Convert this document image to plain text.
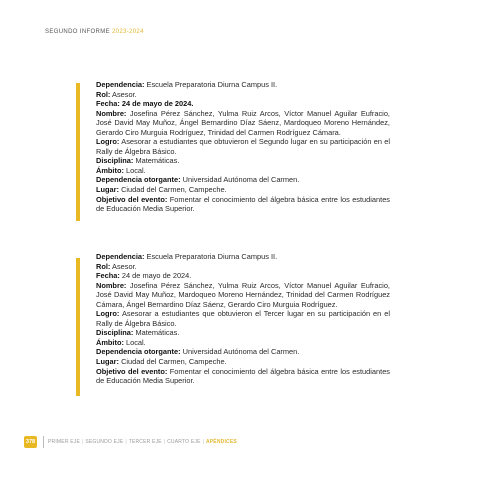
SEGUNDO INFORME 2023-2024

Dependencia: Escuela Preparatoria Diurna Campus II.

Rol: Asesor.

Fecha: 24 de mayo de 2024.

Nombre: Josefina Pérez Sánchez, Yulma Ruiz Arcos, Víctor Manuel Aguilar Eufracio, José David May Muñoz, Ángel Bernardino Díaz Sáenz, Mardoqueo Moreno Hernández, Gerardo Ciro Murguia Rodríguez, Trinidad del Carmen Rodríguez Cámara.

Logro: Asesorar a estudiantes que obtuvieron el Segundo lugar en su participación en el Rally de Álgebra Básico.

Disciplina: Matemáticas.

Ámbito: Local.

Dependencia otorgante: Universidad Autónoma del Carmen.

Lugar: Ciudad del Carmen, Campeche.

Objetivo del evento: Fomentar el conocimiento del álgebra básica entre los estudiantes de Educación Media Superior.

Dependencia: Escuela Preparatoria Diurna Campus II.

Rol: Asesor.

Fecha: 24 de mayo de 2024.

Nombre: Josefina Pérez Sánchez, Yulma Ruiz Arcos, Víctor Manuel Aguilar Eufracio, José David May Muñoz, Mardoqueo Moreno Hernández, Trinidad del Carmen Rodríguez Cámara, Ángel Bernardino Díaz Sáenz, Gerardo Ciro Murguia Rodríguez.

Logro: Asesorar a estudiantes que obtuvieron el Tercer lugar en su participación en el Rally de Álgebra Básico.

Disciplina: Matemáticas.

Ámbito: Local.

Dependencia otorgante: Universidad Autónoma del Carmen.

Lugar: Ciudad del Carmen, Campeche.

Objetivo del evento: Fomentar el conocimiento del álgebra básica entre los estudiantes de Educación Media Superior.

378	PRIMER EJE | SEGUNDO EJE | TERCER EJE | CUARTO EJE | APÉNDICES
